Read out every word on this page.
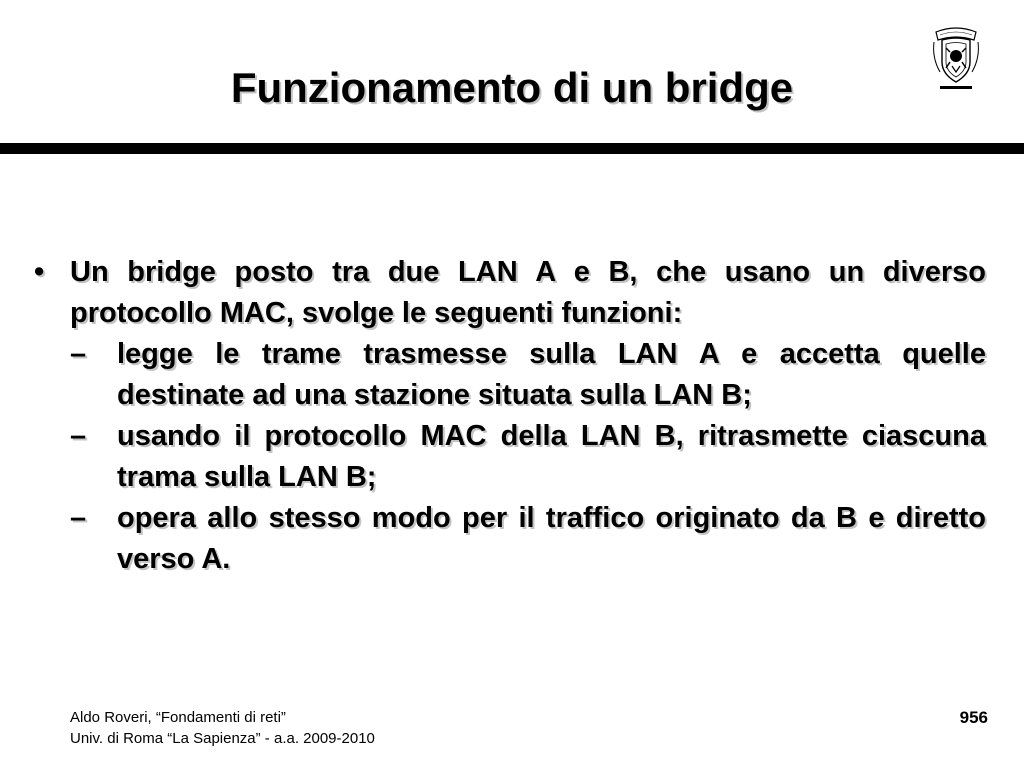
Funzionamento di un bridge
• Un bridge posto tra due LAN A e B, che usano un diverso protocollo MAC, svolge le seguenti funzioni:
– legge le trame trasmesse sulla LAN A e accetta quelle destinate ad una stazione situata sulla LAN B;
– usando il protocollo MAC della LAN B, ritrasmette ciascuna trama sulla LAN B;
– opera allo stesso modo per il traffico originato da B e diretto verso A.
Aldo Roveri, “Fondamenti di reti”
Univ. di Roma “La Sapienza” - a.a. 2009-2010
956
